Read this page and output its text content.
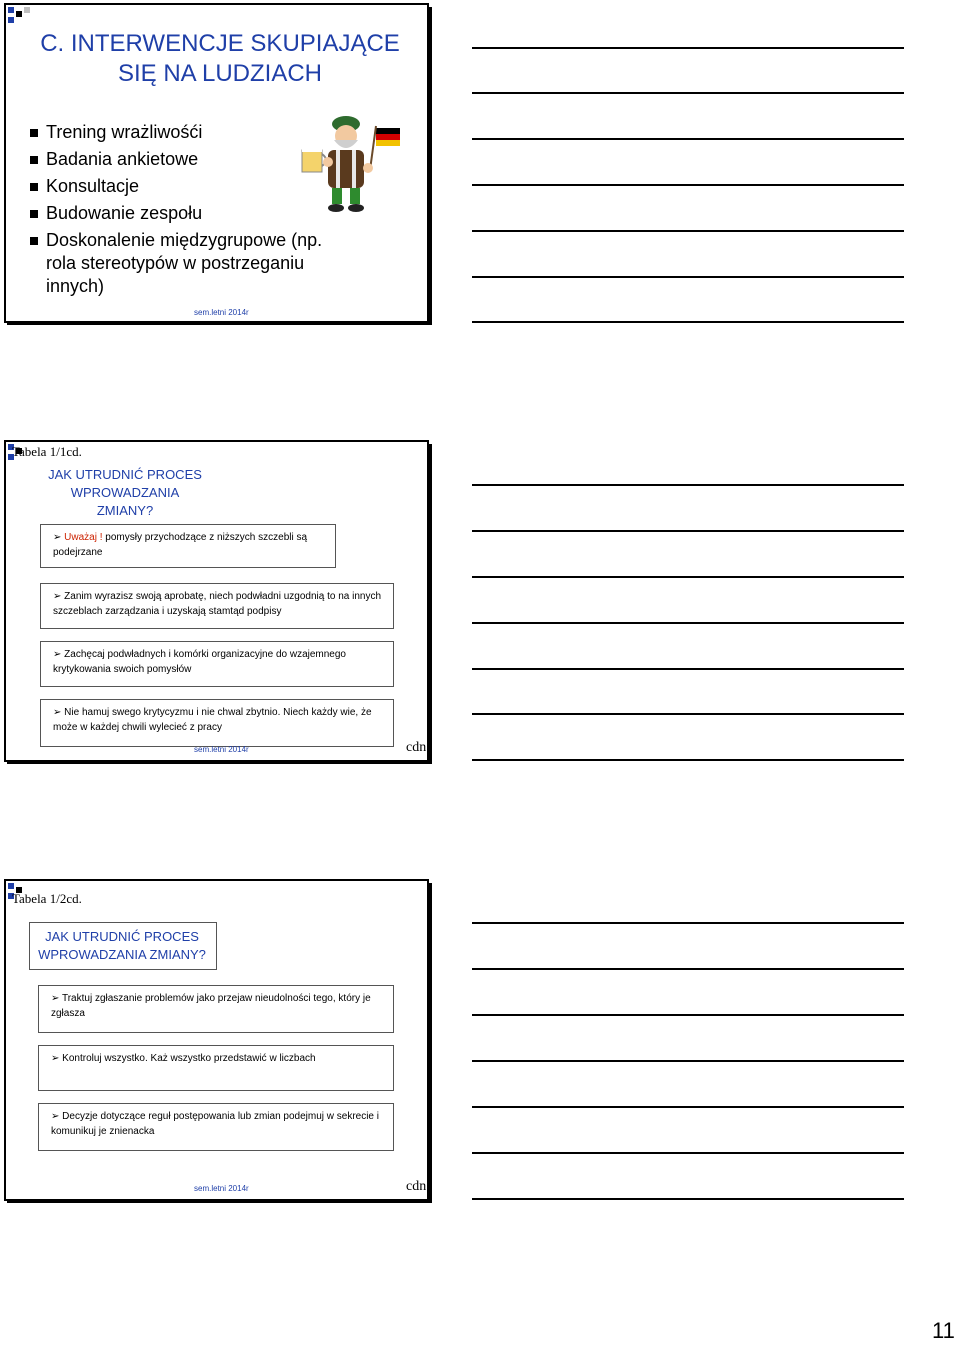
C. INTERWENCJE SKUPIAJĄCE SIĘ NA LUDZIACH
Trening wrażliwośći
Badania ankietowe
Konsultacje
Budowanie zespołu
Doskonalenie międzygrupowe (np. rola stereotypów w postrzeganiu innych)
sem.letni 2014r
Tabela 1/1cd.
JAK UTRUDNIĆ PROCES WPROWADZANIA ZMIANY?
➢ Uważaj ! pomysły przychodzące z niższych szczebli są podejrzane
➢ Zanim wyrazisz swoją aprobatę, niech podwładni uzgodnią to na innych szczeblach zarządzania i uzyskają stamtąd podpisy
➢ Zachęcaj podwładnych i komórki organizacyjne do wzajemnego krytykowania swoich pomysłów
➢ Nie hamuj swego krytycyzmu i nie chwal zbytnio. Niech każdy wie, że może w każdej chwili wylecieć z pracy
sem.letni 2014r	cdn.
Tabela 1/2cd.
JAK UTRUDNIĆ PROCES WPROWADZANIA ZMIANY?
➢ Traktuj zgłaszanie problemów jako przejaw nieudolności tego, który je zgłasza
➢ Kontroluj wszystko. Każ wszystko przedstawić w liczbach
➢ Decyzje dotyczące reguł postępowania lub zmian podejmuj w sekrecie i komunikuj je znienacka
sem.letni 2014r	cdn.
11
